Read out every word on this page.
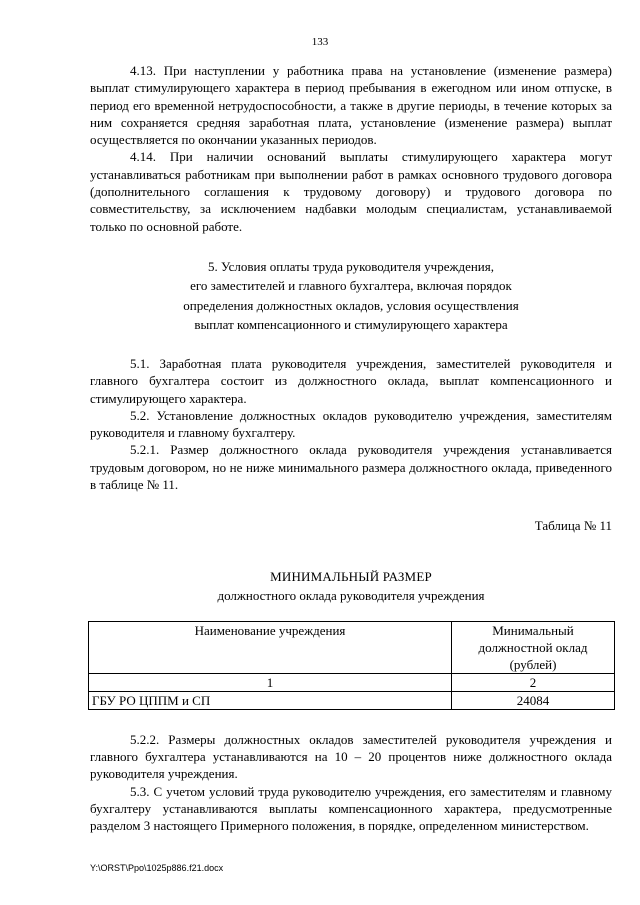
133

4.13. При наступлении у работника права на установление (изменение размера) выплат стимулирующего характера в период пребывания в ежегодном или ином отпуске, в период его временной нетрудоспособности, а также в другие периоды, в течение которых за ним сохраняется средняя заработная плата, установление (изменение размера) выплат осуществляется по окончании указанных периодов.

4.14. При наличии оснований выплаты стимулирующего характера могут устанавливаться работникам при выполнении работ в рамках основного трудового договора (дополнительного соглашения к трудовому договору) и трудового договора по совместительству, за исключением надбавки молодым специалистам, устанавливаемой только по основной работе.

5. Условия оплаты труда руководителя учреждения,
его заместителей и главного бухгалтера, включая порядок
определения должностных окладов, условия осуществления
выплат компенсационного и стимулирующего характера

5.1. Заработная плата руководителя учреждения, заместителей руководителя и главного бухгалтера состоит из должностного оклада, выплат компенсационного и стимулирующего характера.

5.2. Установление должностных окладов руководителю учреждения, заместителям руководителя и главному бухгалтеру.

5.2.1. Размер должностного оклада руководителя учреждения устанавливается трудовым договором, но не ниже минимального размера должностного оклада, приведенного в таблице № 11.

Таблица № 11

МИНИМАЛЬНЫЙ РАЗМЕР
должностного оклада руководителя учреждения
Наименование учреждения	Минимальный
должностной оклад
(рублей)

1	2
ГБУ РО ЦППМ и СП	24084

5.2.2. Размеры должностных окладов заместителей руководителя учреждения и главного бухгалтера устанавливаются на 10 – 20 процентов ниже должностного оклада руководителя учреждения.

5.3. С учетом условий труда руководителю учреждения, его заместителям и главному бухгалтеру устанавливаются выплаты компенсационного характера, предусмотренные разделом 3 настоящего Примерного положения, в порядке, определенном министерством.

Y:\ORST\Ppo\1025p886.f21.docx
